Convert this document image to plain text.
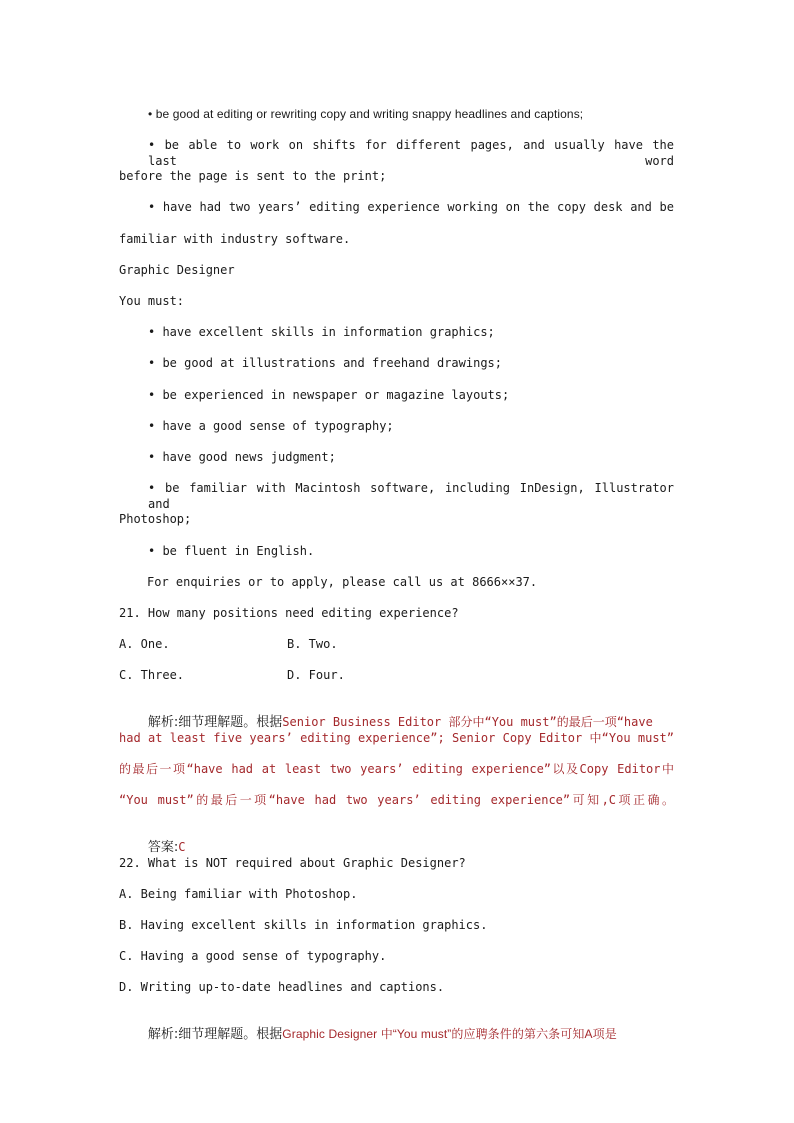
• be good at editing or rewriting copy and writing snappy headlines and captions;
• be able to work on shifts for different pages, and usually have the last word
before the page is sent to the print;
• have had two years’ editing experience working on the copy desk and be
familiar with industry software.
Graphic Designer
You must:
• have excellent skills in information graphics;
• be good at illustrations and freehand drawings;
• be experienced in newspaper or magazine layouts;
• have a good sense of typography;
• have good news judgment;
• be familiar with Macintosh software, including InDesign, Illustrator and
Photoshop;
• be fluent in English.
For enquiries or to apply, please call us at 8666××37.
21. How many positions need editing experience?
A. One.	B. Two.
C. Three.	D. Four.

解析:细节理解题。根据Senior Business Editor 部分中“You must”的最后一项“have

had at least five years’ editing experience”; Senior Copy Editor 中“You must”
的最后一项“have had at least two years’ editing experience”以及Copy Editor中
“You must”的最后一项“have had two years’ editing experience”可知,C项正确。

答案:C

22. What is NOT required about Graphic Designer?
A. Being familiar with Photoshop.
B. Having excellent skills in information graphics.
C. Having a good sense of typography.
D. Writing up-to-date headlines and captions.

解析:细节理解题。根据Graphic Designer 中“You must”的应聘条件的第六条可知A项是
